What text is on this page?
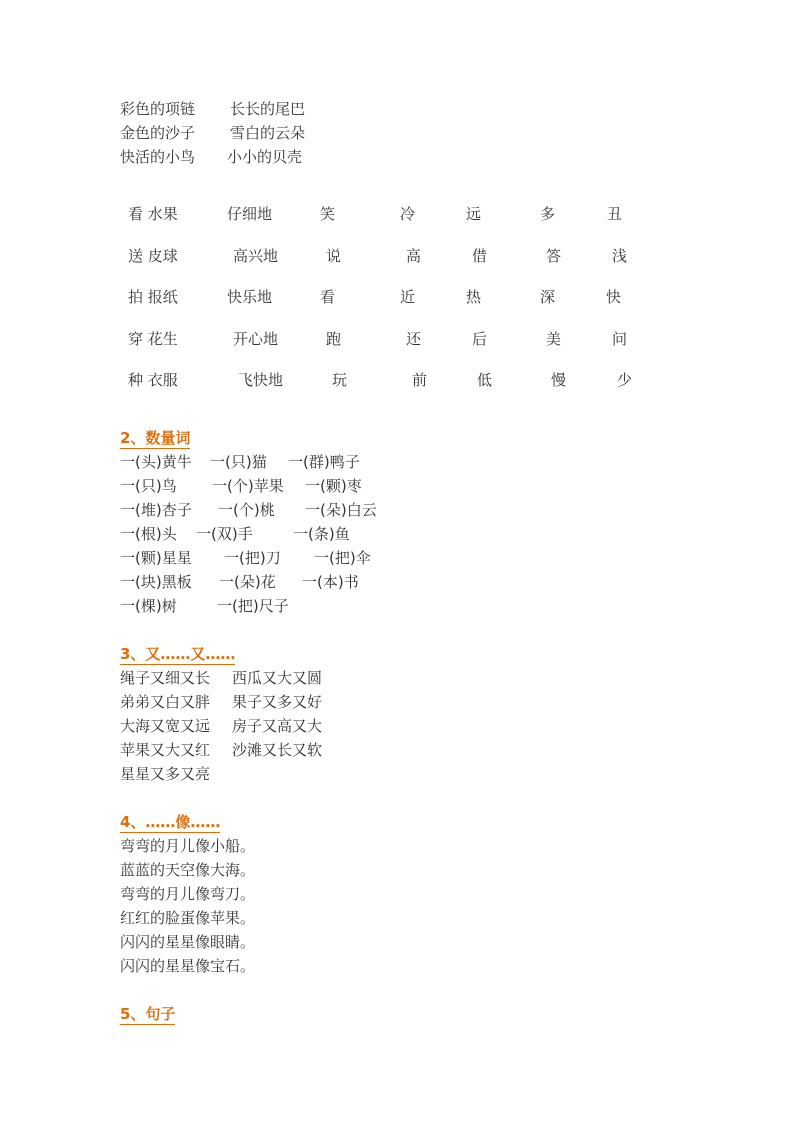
彩色的项链 长长的尾巴
金色的沙子 雪白的云朵
快活的小鸟 小小的贝壳
看 水果	仔细地	笑	冷	远	多	丑
送 皮球	高兴地	说	高	借	答	浅
拍 报纸	快乐地	看	近	热	深	快
穿 花生	开心地	跑	还	后	美	问
种 衣服	飞快地	玩	前	低	慢	少
2、数量词
一(头)黄牛 一(只)猫 一(群)鸭子
一(只)鸟 一(个)苹果 一(颗)枣
一(堆)杏子 一(个)桃 一(朵)白云
一(根)头 一(双)手	一(条)鱼
一(颗)星星 一(把)刀 一(把)伞
一(块)黑板 一(朵)花 一(本)书
一(棵)树	一(把)尺子
3、又……又……
绳子又细又长 西瓜又大又圆
弟弟又白又胖 果子又多又好
大海又宽又远 房子又高又大
苹果又大又红 沙滩又长又软
星星又多又亮
4、……像……
弯弯的月儿像小船。
蓝蓝的天空像大海。
弯弯的月儿像弯刀。
红红的脸蛋像苹果。
闪闪的星星像眼睛。
闪闪的星星像宝石。
5、句子
